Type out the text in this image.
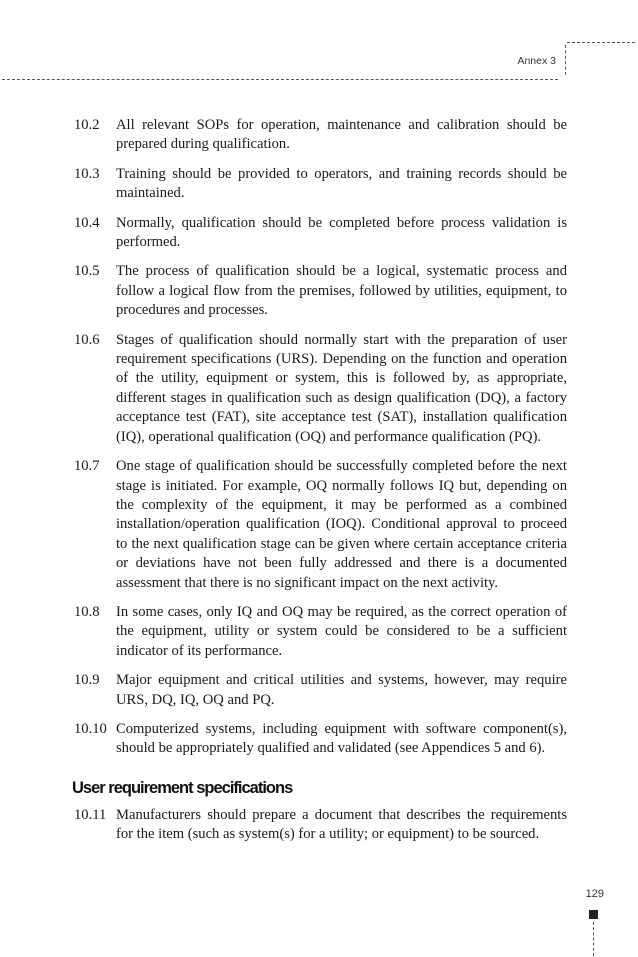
Annex 3
10.2	All relevant SOPs for operation, maintenance and calibration should be prepared during qualification.
10.3	Training should be provided to operators, and training records should be maintained.
10.4	Normally, qualification should be completed before process validation is performed.
10.5	The process of qualification should be a logical, systematic process and follow a logical flow from the premises, followed by utilities, equipment, to procedures and processes.
10.6	Stages of qualification should normally start with the preparation of user requirement specifications (URS). Depending on the function and operation of the utility, equipment or system, this is followed by, as appropriate, different stages in qualification such as design qualification (DQ), a factory acceptance test (FAT), site acceptance test (SAT), installation qualification (IQ), operational qualification (OQ) and performance qualification (PQ).
10.7	One stage of qualification should be successfully completed before the next stage is initiated. For example, OQ normally follows IQ but, depending on the complexity of the equipment, it may be performed as a combined installation/operation qualification (IOQ). Conditional approval to proceed to the next qualification stage can be given where certain acceptance criteria or deviations have not been fully addressed and there is a documented assessment that there is no significant impact on the next activity.
10.8	In some cases, only IQ and OQ may be required, as the correct operation of the equipment, utility or system could be considered to be a sufficient indicator of its performance.
10.9	Major equipment and critical utilities and systems, however, may require URS, DQ, IQ, OQ and PQ.
10.10 Computerized systems, including equipment with software component(s), should be appropriately qualified and validated (see Appendices 5 and 6).
User requirement specifications
10.11 Manufacturers should prepare a document that describes the requirements for the item (such as system(s) for a utility; or equipment) to be sourced.
129
